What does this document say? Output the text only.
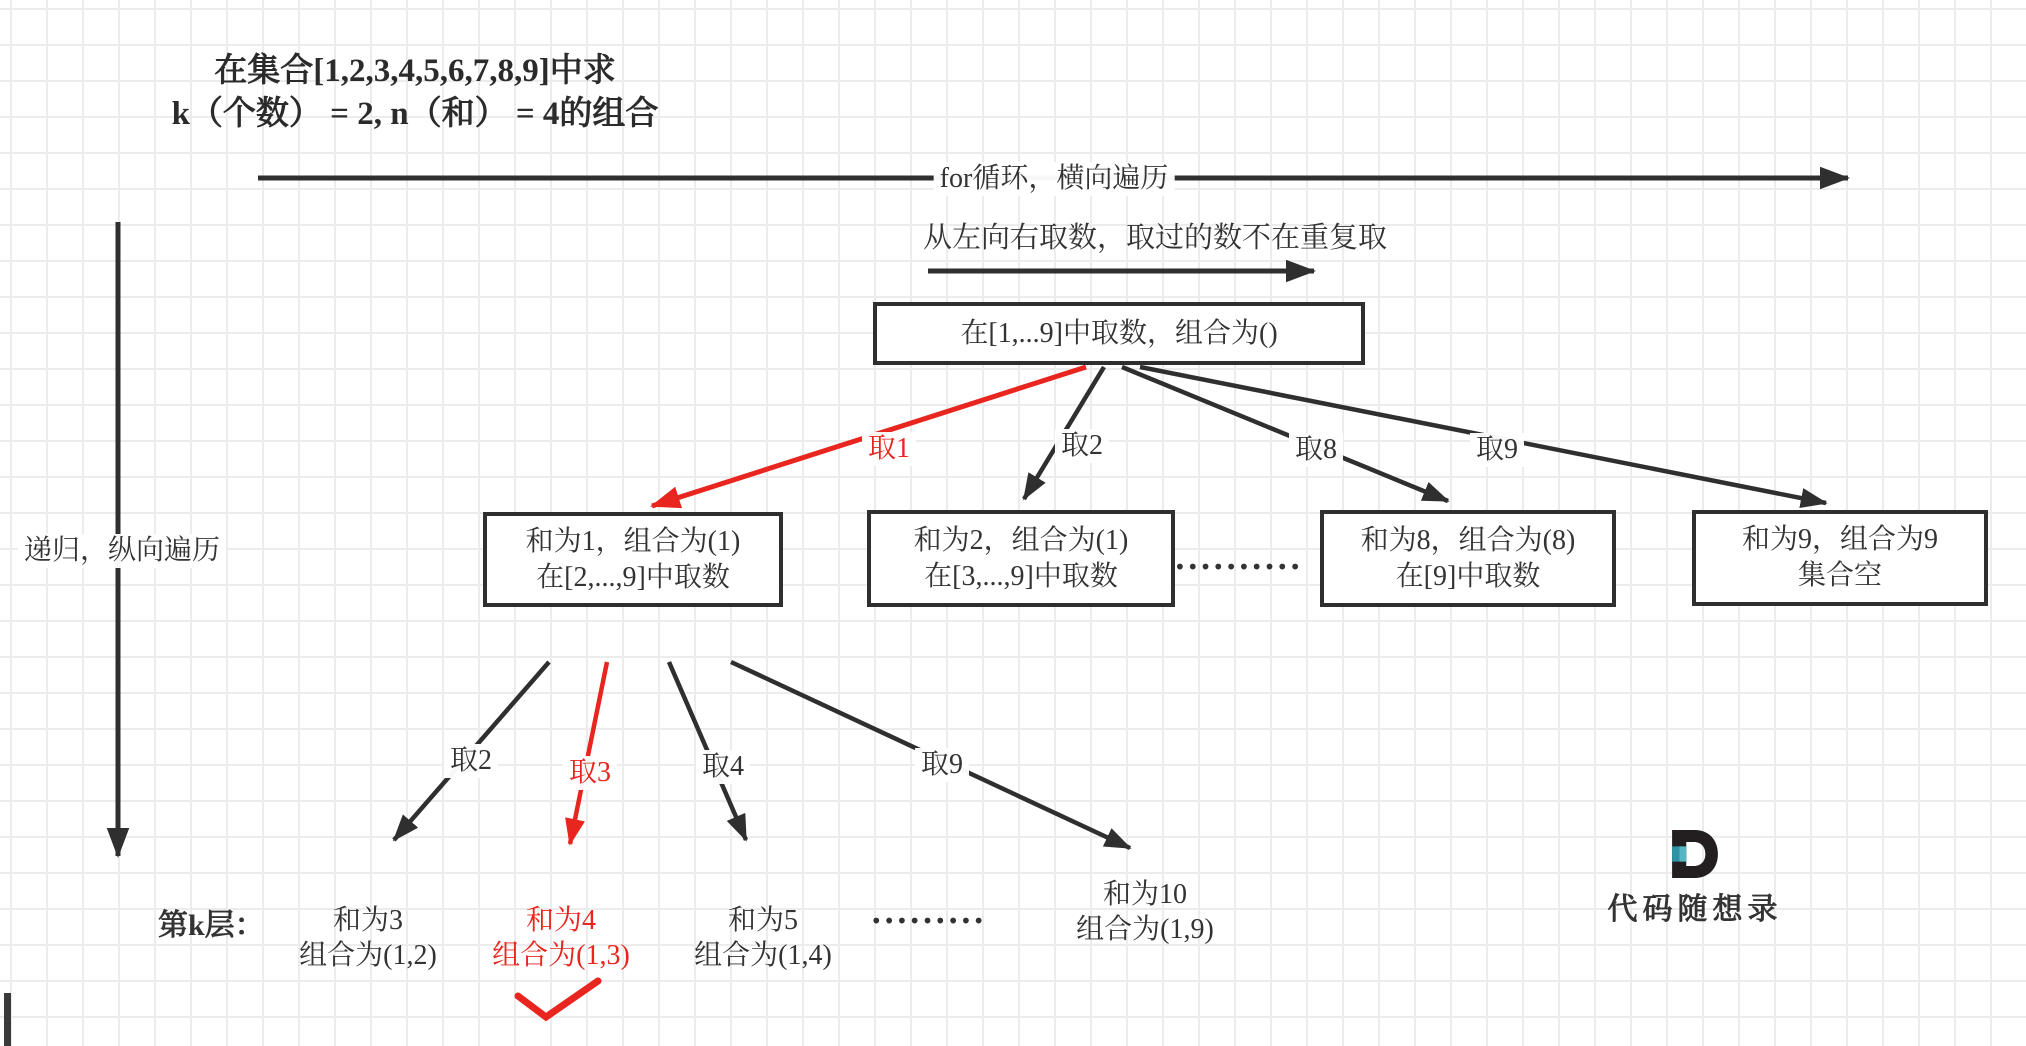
在集合[1,2,3,4,5,6,7,8,9]中求
k（个数） = 2, n（和） = 4的组合
for循环，横向遍历
从左向右取数，取过的数不在重复取
递归，纵向遍历
在[1,...9]中取数，组合为()
取1	取2	取8	取9
和为1，组合为(1)
在[2,...,9]中取数
和为2，组合为(1)
在[3,...,9]中取数	••••••••••
和为8，组合为(8)
在[9]中取数
和为9，组合为9
集合空
取2	取3	取4	取9
第k层：	和为3
组合为(1,2)
和为4
组合为(1,3)
和为5
组合为(1,4)
•••••••••
和为10
组合为(1,9)
代码随想录
